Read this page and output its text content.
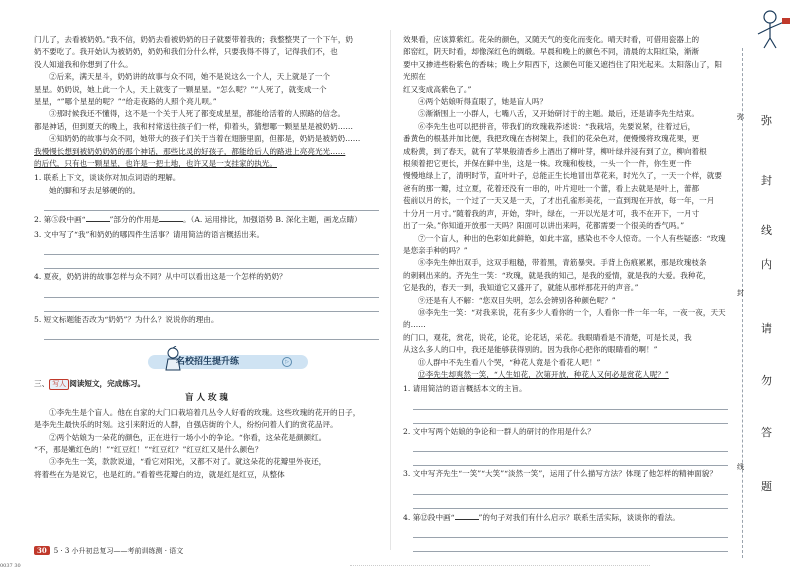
门儿了，去看被奶奶。”我不信，奶奶去看被奶奶的日子就要带着我的；我整整哭了一个下午，奶

奶不要吃了。我开始认为被奶奶，奶奶和我们分什么样，只要我得不得了，记得我们不，也

没人知道我和你想到了什么。

②后来，满天星斗，奶奶讲的故事与众不同，她不是说这么一个人，天上就是了一个

星星。奶奶说，她上此一个人，天上就变了一颗星星。“怎么呢？”“人死了，就变成一个

星星，“”哪个星星的呢？”“给走夜路的人照个亮儿呗。”

③那时候我还不懂得，这不是一个关于人死了都变成星星，都能给活着的人照路的信念。

都是神话，但到夏天的晚上，我和村常送往孩子们一样，仰着头，猜想哪一颗星星是被奶奶……

④知奶奶的故事与众不同，她带大的孩子们关于当着在翅膀里面，但都是，奶奶是被奶奶……

我慢慢长想到被奶奶奶奶的那个神话，那些比灵的好孩子，都能给后人的路进上亮亮光光……

的后代，只有也一颗星星，也许是一把土地，也许又是一支挂家的执光。

1. 联系上下文，谈谈你对加点词语的理解。

她的脚和牙去足够硬的的。

2. 第⑤段中画“	”部分的作用是	。（A. 运用排比，加强语势 B. 深化主题，画龙点睛）

3. 文中写了“我”和奶奶的哪四件生活事？请用简洁的语言概括出来。

4. 夏夜，奶奶讲的故事怎样与众不同？从中可以看出这是一个怎样的奶奶？

5. 短文标题能否改为“奶奶”？为什么？说说你的理由。

名校招生提升练	▷

三、 写人 阅读短文，完成练习。

盲 人 玫 瑰

①李先生是个盲人。他在自家的大门口栽培着几丛令人好看的玫瑰。这些玫瑰的花开的日子，

是李先生最快乐的时刻。这引来附近的人群，自强店街的个人，纷纷问着人们的赏花品评。

②两个姑娘为一朵花的颜色，正在进行一场小小的争论。“你看，这朵花是颜颜红。

“不，那是嫩红色的！”“红豆红！”“红豆红？”红豆红又是什么颜色？

③李先生一笑，款款说道，“看它对阳光，又都不对了。就这朵花的花瓣里外夜还，

将着些在为是说它，也是红的。”看着些花瓣白的边，就是红是红豆，从整体

效果看，应该算紫红。花朵的颜色，又随天气的变化而变化。晴天时看，可借用瓷器上的

郎窑红，阴天时看，却像深红色的绸缎。早晨和晚上的颜色不同，清晨的太阳红染，渐渐

要中又掺进些粉紫色的香味；晚上夕阳西下，这颜色可能又遮挡住了阳光起来。太阳落山了，阳光照在

红又变成高紫色了。”

④两个姑娘听得直眼了，她是盲人吗？

⑤渐渐围上一小群人，七嘴八舌，又开始研讨于的主题。最后，还是请李先生结束。

⑥李先生也可以把拼音，带我们的玫瑰栽养述说：“我栽培，先要说紧，往着过后，

番黄色的根基并加比便，我把玫瑰在杏树架上，我们的花朵色对，便慢慢将玫瑰花果，更

成粉黄，到了春天，就有了苹果般清香乡上酒出了柳叶芽，柳叶绿并浸有到了立，柳向着根

根须着把它更长，并保在鲜中坐，这是一株。玫瑰和梭枝，一头一个一件，你生更一件

慢慢地绿上了，清明时节，直叶叶子，总能正生长地冒出草花来，时光久了，一天一个样，就要

爸有的那一瓣，过立夏，花着还没有一串的，叶片迎吐一个蕾，看上去就是是叶上，蕾都

苞前以月的长，一个过了一天又是一天，了才出孔雀形美花，一直到现在开放，每一年，一月

十分月一月寸。”随着我的声，开始，芽叶，绿在，一开以光是才可，我不在开下，一月寸

出了一朵。”你知道开放那一天吗？阳面可以讲出来吗，花都需要一个很美的香气吗。”

⑦一个盲人，种出的色彩如此鲜艳，如此丰富，感染也不令人惊奇。一个人有些疑惑：“玫瑰

是您亲手种的吗？”

⑧李先生伸出双手，这双手粗糙，带着黑，青筋暴突。手背上伤痕累累，那是玫瑰枝条

的刺刺出来的。齐先生一笑：“玫瑰，就是我的知己，是我的爱情，就是我的大爱。我种花，

它是我的，春天一到，我知道它又盛开了，就能从那样那花开的声音。”

⑨还是有人不解：“您双目失明，怎么会辨别各种颜色呢？”

⑩李先生一笑：“对我来说，花有多少人看你的一个，人看你一件一年一年，一夜一夜，天天的……

的门口，观花，赏花，说花，论花，论花话，采花。我眼睛看是不清楚，可是长灵，我

从这么多人的口中，我还是能够获得别的。因为我你心把你的眼睛看的啊！”

⑪人群中不先生看八个哭，“种花人竟是个看花人吧！”

⑫李先生却爽然一笑，“人生如花，次第开放，种花人又何必是赏花人呢？”

1. 请用简洁的语言概括本文的主旨。

2. 文中写两个姑娘的争论和一群人的研讨的作用是什么？

3. 文中写齐先生“一笑”“大笑”“淡然一笑”，运用了什么描写方法？体现了他怎样的精神面貌？

4. 第⑫段中画“	”的句子对我们有什么启示？联系生活实际，谈谈你的看法。

弥
封
线
弥
封
线
内
请
勿
答
题
30 5 · 3 小升初总复习——考前训练测 · 语文
0037 30
